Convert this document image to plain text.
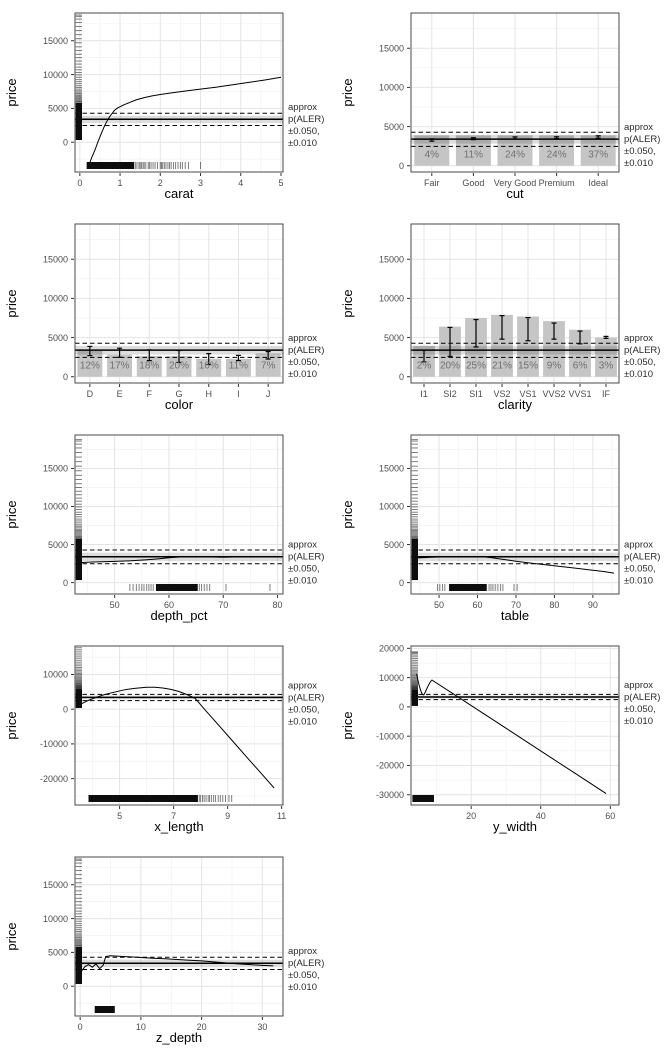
0
5000
10000
15000
0	1	2	3	4	5
carat
price
approx
p(ALER)
±0.050,
±0.010
4% 11% 24% 24% 37%
0
5000
10000
15000
Fair	Good Very Good Premium Ideal
cut
price
approx
p(ALER)
±0.050,
±0.010
12% 17% 18% 20% 16% 11% 7%
0
5000
10000
15000
D	E	F	G	H	I	J
color
price
approx
p(ALER)
±0.050,
±0.010
2% 20% 25% 21% 15% 9% 6% 3%
0
5000
10000
15000
I1 SI2 SI1 VS2 VS1 VVS2 VVS1 IF
clarity
price
approx
p(ALER)
±0.050,
±0.010
0
5000
10000
15000
50	60	70	80
depth_pct
price
approx
p(ALER)
±0.050,
±0.010	0
5000
10000
15000
50	60	70	80	90
table
price
approx
p(ALER)
±0.050,
±0.010
-20000
-10000
0
10000
5	7	9	11
x_length
price
approx
p(ALER)
±0.050,
±0.010
-30000
-20000
-10000
0
10000
20000
20	40	60
y_width
price
approx
p(ALER)
±0.050,
±0.010
0
5000
10000
15000
0	10	20	30
z_depth
price
approx
p(ALER)
±0.050,
±0.010
